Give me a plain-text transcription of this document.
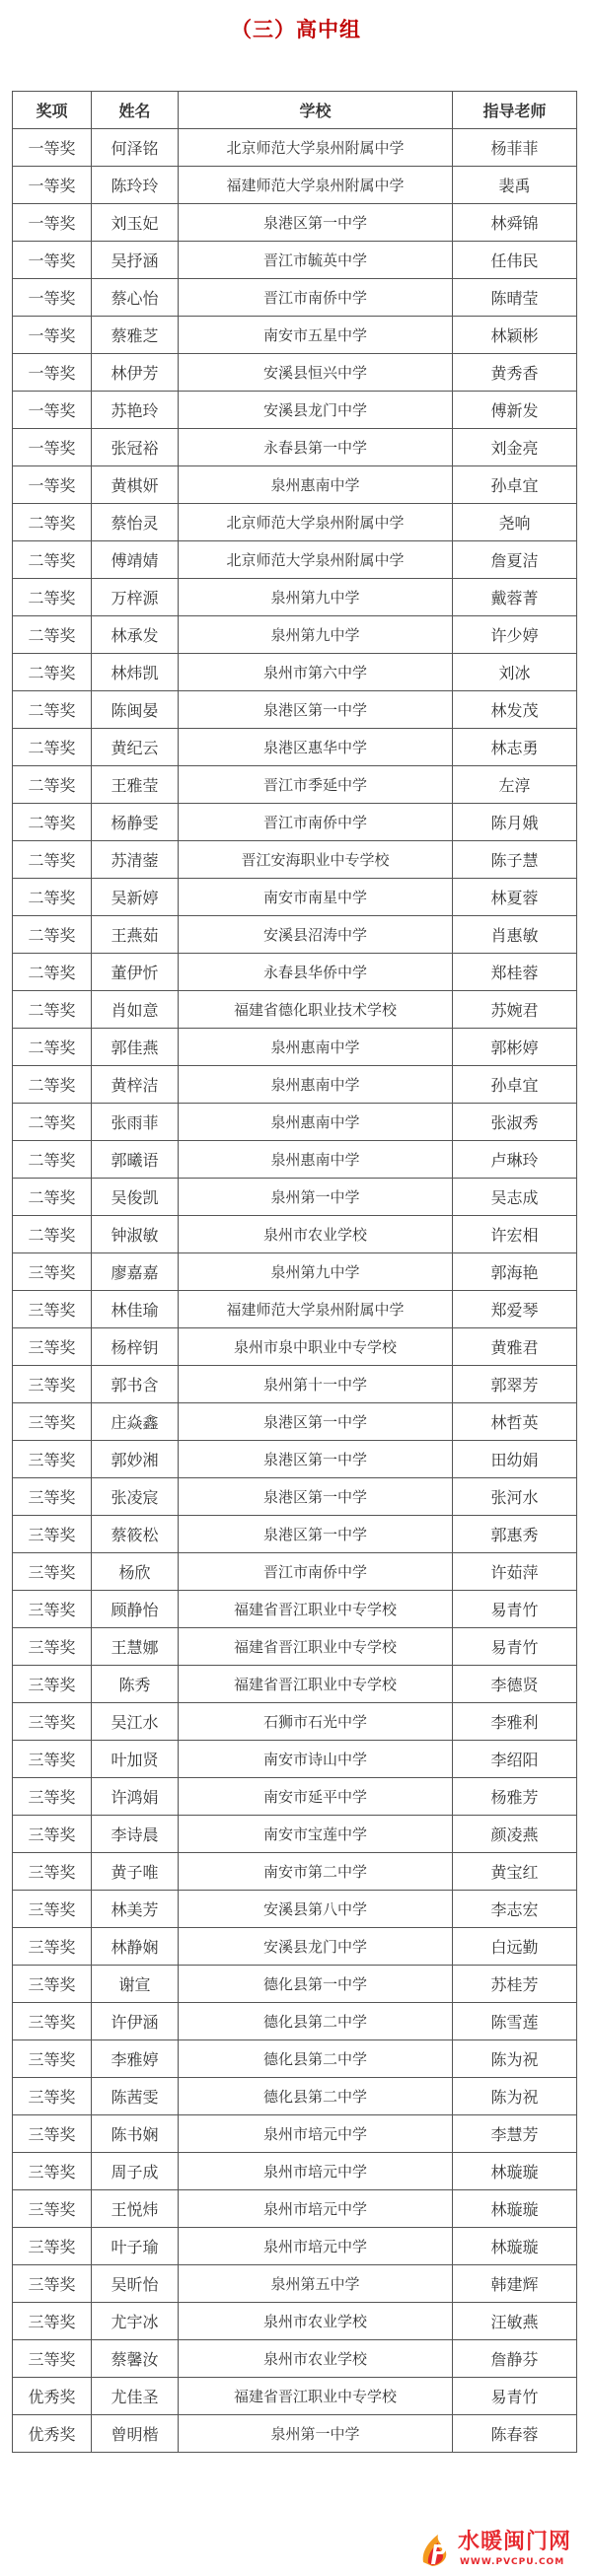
（三）高中组
奖项	姓名	学校	指导老师
一等奖	何泽铭	北京师范大学泉州附属中学	杨菲菲
一等奖	陈玲玲	福建师范大学泉州附属中学	裴禹
一等奖	刘玉妃	泉港区第一中学	林舜锦
一等奖	吴抒涵	晋江市毓英中学	任伟民
一等奖	蔡心怡	晋江市南侨中学	陈晴莹
一等奖	蔡雅芝	南安市五星中学	林颖彬
一等奖	林伊芳	安溪县恒兴中学	黄秀香
一等奖	苏艳玲	安溪县龙门中学	傅新发
一等奖	张冠裕	永春县第一中学	刘金亮
一等奖	黄棋妍	泉州惠南中学	孙卓宜
二等奖	蔡怡灵	北京师范大学泉州附属中学	尧响
二等奖	傅靖婧	北京师范大学泉州附属中学	詹夏洁
二等奖	万梓源	泉州第九中学	戴蓉菁
二等奖	林承发	泉州第九中学	许少婷
二等奖	林炜凯	泉州市第六中学	刘冰
二等奖	陈闽晏	泉港区第一中学	林发茂
二等奖	黄纪云	泉港区惠华中学	林志勇
二等奖	王雅莹	晋江市季延中学	左淳
二等奖	杨静雯	晋江市南侨中学	陈月娥
二等奖	苏清蓥	晋江安海职业中专学校	陈子慧
二等奖	吴新婷	南安市南星中学	林夏蓉
二等奖	王燕茹	安溪县沼涛中学	肖惠敏
二等奖	董伊忻	永春县华侨中学	郑桂蓉
二等奖	肖如意	福建省德化职业技术学校	苏婉君
二等奖	郭佳燕	泉州惠南中学	郭彬婷
二等奖	黄梓洁	泉州惠南中学	孙卓宜
二等奖	张雨菲	泉州惠南中学	张淑秀
二等奖	郭曦语	泉州惠南中学	卢琳玲
二等奖	吴俊凯	泉州第一中学	吴志成
二等奖	钟淑敏	泉州市农业学校	许宏相
三等奖	廖嘉嘉	泉州第九中学	郭海艳
三等奖	林佳瑜	福建师范大学泉州附属中学	郑爱琴
三等奖	杨梓钥	泉州市泉中职业中专学校	黄雅君
三等奖	郭书含	泉州第十一中学	郭翠芳
三等奖	庄焱鑫	泉港区第一中学	林哲英
三等奖	郭妙湘	泉港区第一中学	田幼娟
三等奖	张凌宸	泉港区第一中学	张河水
三等奖	蔡筱松	泉港区第一中学	郭惠秀
三等奖	杨欣	晋江市南侨中学	许茹萍
三等奖	顾静怡	福建省晋江职业中专学校	易青竹
三等奖	王慧娜	福建省晋江职业中专学校	易青竹
三等奖	陈秀	福建省晋江职业中专学校	李德贤
三等奖	吴江水	石狮市石光中学	李雅利
三等奖	叶加贤	南安市诗山中学	李绍阳
三等奖	许鸿娟	南安市延平中学	杨雅芳
三等奖	李诗晨	南安市宝莲中学	颜凌燕
三等奖	黄子唯	南安市第二中学	黄宝红
三等奖	林美芳	安溪县第八中学	李志宏
三等奖	林静娴	安溪县龙门中学	白远勤
三等奖	谢宣	德化县第一中学	苏桂芳
三等奖	许伊涵	德化县第二中学	陈雪莲
三等奖	李雅婷	德化县第二中学	陈为祝
三等奖	陈茜雯	德化县第二中学	陈为祝
三等奖	陈书娴	泉州市培元中学	李慧芳
三等奖	周子成	泉州市培元中学	林璇璇
三等奖	王悦炜	泉州市培元中学	林璇璇
三等奖	叶子瑜	泉州市培元中学	林璇璇
三等奖	吴昕怡	泉州第五中学	韩建辉
三等奖	尤宇冰	泉州市农业学校	汪敏燕
三等奖	蔡馨汝	泉州市农业学校	詹静芬
优秀奖	尤佳圣	福建省晋江职业中专学校	易青竹
优秀奖	曾明楷	泉州第一中学	陈春蓉
水暖闽门网
WWW.PVCPU.COM
